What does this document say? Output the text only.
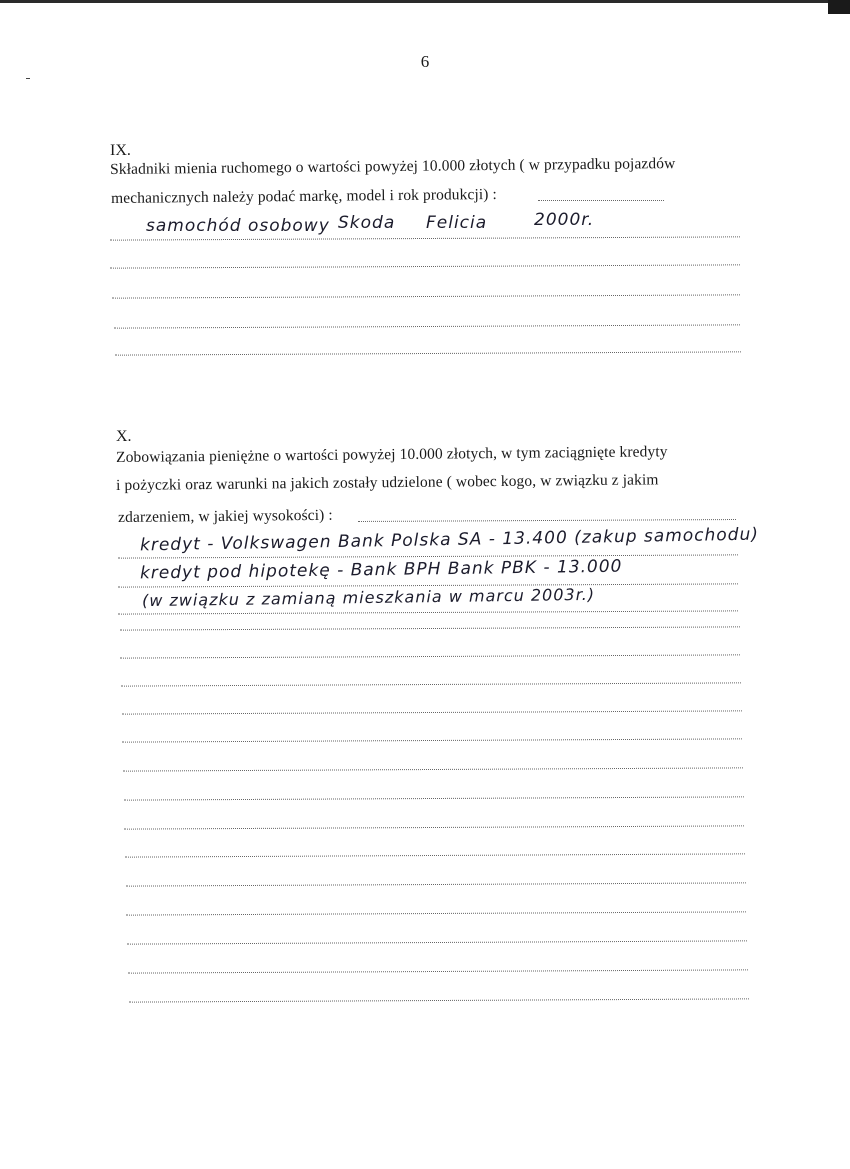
6
IX.
Składniki mienia ruchomego o wartości powyżej 10.000 złotych ( w przypadku pojazdów
mechanicznych należy podać markę, model i rok produkcji) :
samochód osobowy Skoda Felicia	2000r.
X.
Zobowiązania pieniężne o wartości powyżej 10.000 złotych, w tym zaciągnięte kredyty
i pożyczki oraz warunki na jakich zostały udzielone ( wobec kogo, w związku z jakim
zdarzeniem, w jakiej wysokości) :
kredyt - Volkswagen Bank Polska SA - 13.400 (zakup samochodu)
kredyt pod hipotekę - Bank BPH Bank PBK - 13.000
(w związku z zamianą mieszkania w marcu 2003r.)
